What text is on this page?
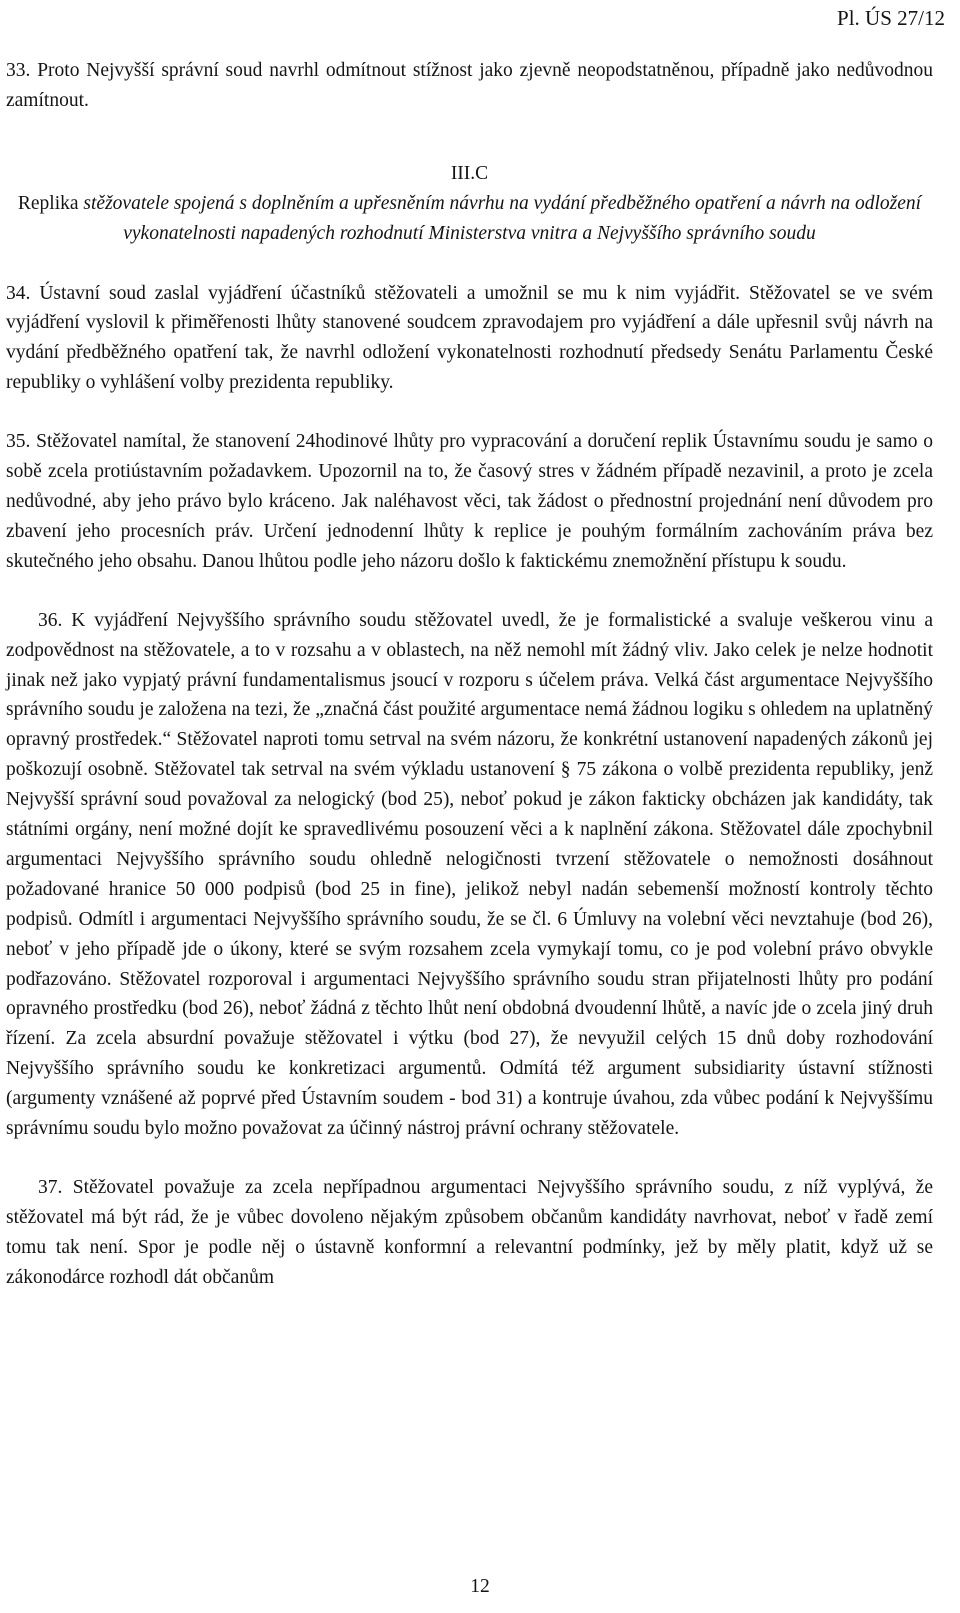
Pl. ÚS 27/12

33. Proto Nejvyšší správní soud navrhl odmítnout stížnost jako zjevně neopodstatněnou, případně jako nedůvodnou zamítnout.

III.C
Replika stěžovatele spojená s doplněním a upřesněním návrhu na vydání předběžného opatření a návrh na odložení vykonatelnosti napadených rozhodnutí Ministerstva vnitra a Nejvyššího správního soudu

34. Ústavní soud zaslal vyjádření účastníků stěžovateli a umožnil se mu k nim vyjádřit. Stěžovatel se ve svém vyjádření vyslovil k přiměřenosti lhůty stanovené soudcem zpravodajem pro vyjádření a dále upřesnil svůj návrh na vydání předběžného opatření tak, že navrhl odložení vykonatelnosti rozhodnutí předsedy Senátu Parlamentu České republiky o vyhlášení volby prezidenta republiky.

35. Stěžovatel namítal, že stanovení 24hodinové lhůty pro vypracování a doručení replik Ústavnímu soudu je samo o sobě zcela protiústavním požadavkem. Upozornil na to, že časový stres v žádném případě nezavinil, a proto je zcela nedůvodné, aby jeho právo bylo kráceno. Jak naléhavost věci, tak žádost o přednostní projednání není důvodem pro zbavení jeho procesních práv. Určení jednodenní lhůty k replice je pouhým formálním zachováním práva bez skutečného jeho obsahu. Danou lhůtou podle jeho názoru došlo k faktickému znemožnění přístupu k soudu.

36. K vyjádření Nejvyššího správního soudu stěžovatel uvedl, že je formalistické a svaluje veškerou vinu a zodpovědnost na stěžovatele, a to v rozsahu a v oblastech, na něž nemohl mít žádný vliv. Jako celek je nelze hodnotit jinak než jako vypjatý právní fundamentalismus jsoucí v rozporu s účelem práva. Velká část argumentace Nejvyššího správního soudu je založena na tezi, že „značná část použité argumentace nemá žádnou logiku s ohledem na uplatněný opravný prostředek.“ Stěžovatel naproti tomu setrval na svém názoru, že konkrétní ustanovení napadených zákonů jej poškozují osobně. Stěžovatel tak setrval na svém výkladu ustanovení § 75 zákona o volbě prezidenta republiky, jenž Nejvyšší správní soud považoval za nelogický (bod 25), neboť pokud je zákon fakticky obcházen jak kandidáty, tak státními orgány, není možné dojít ke spravedlivému posouzení věci a k naplnění zákona. Stěžovatel dále zpochybnil argumentaci Nejvyššího správního soudu ohledně nelogičnosti tvrzení stěžovatele o nemožnosti dosáhnout požadované hranice 50 000 podpisů (bod 25 in fine), jelikož nebyl nadán sebemenší možností kontroly těchto podpisů. Odmítl i argumentaci Nejvyššího správního soudu, že se čl. 6 Úmluvy na volební věci nevztahuje (bod 26), neboť v jeho případě jde o úkony, které se svým rozsahem zcela vymykají tomu, co je pod volební právo obvykle podřazováno. Stěžovatel rozporoval i argumentaci Nejvyššího správního soudu stran přijatelnosti lhůty pro podání opravného prostředku (bod 26), neboť žádná z těchto lhůt není obdobná dvoudenní lhůtě, a navíc jde o zcela jiný druh řízení. Za zcela absurdní považuje stěžovatel i výtku (bod 27), že nevyužil celých 15 dnů doby rozhodování Nejvyššího správního soudu ke konkretizaci argumentů. Odmítá též argument subsidiarity ústavní stížnosti (argumenty vznášené až poprvé před Ústavním soudem - bod 31) a kontruje úvahou, zda vůbec podání k Nejvyššímu správnímu soudu bylo možno považovat za účinný nástroj právní ochrany stěžovatele.

37. Stěžovatel považuje za zcela nepřípadnou argumentaci Nejvyššího správního soudu, z níž vyplývá, že stěžovatel má být rád, že je vůbec dovoleno nějakým způsobem občanům kandidáty navrhovat, neboť v řadě zemí tomu tak není. Spor je podle něj o ústavně konformní a relevantní podmínky, jež by měly platit, když už se zákonodárce rozhodl dát občanům

12
